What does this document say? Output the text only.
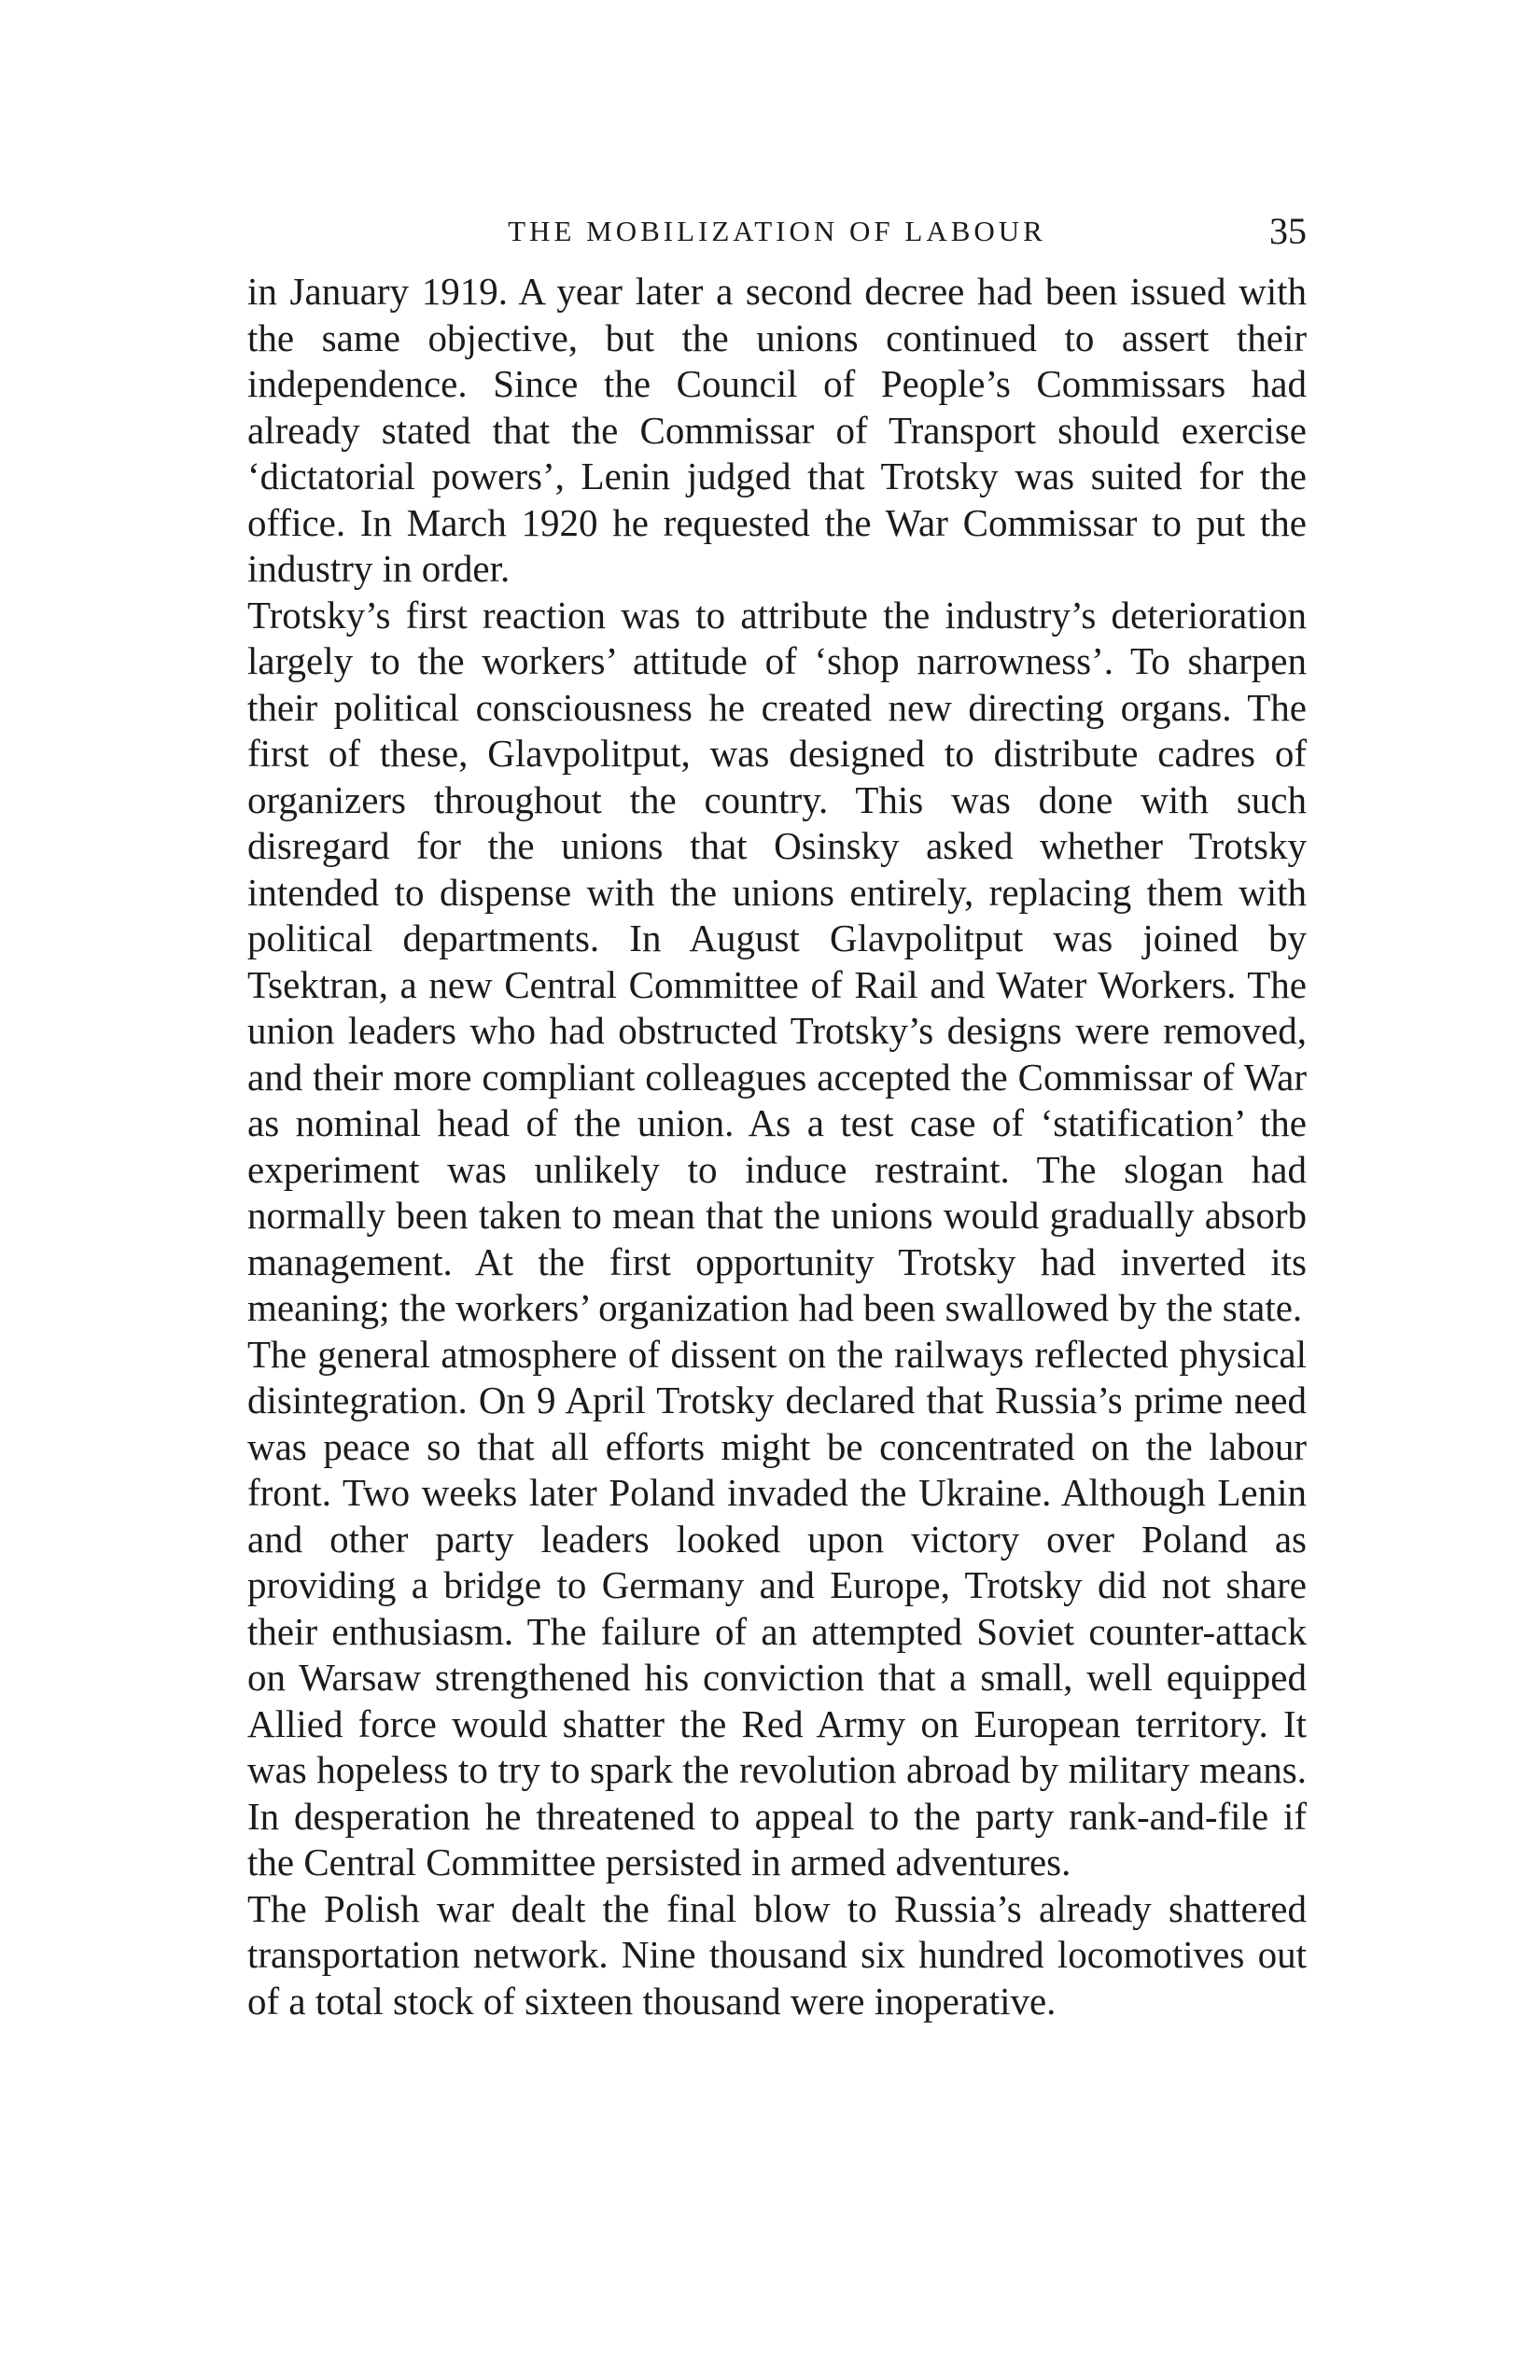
THE MOBILIZATION OF LABOUR	35

in January 1919. A year later a second decree had been issued with the same objective, but the unions continued to assert their independence. Since the Council of People’s Commissars had already stated that the Commissar of Transport should exercise ‘dictatorial powers’, Lenin judged that Trotsky was suited for the office. In March 1920 he requested the War Commissar to put the industry in order.

Trotsky’s first reaction was to attribute the industry’s deterioration largely to the workers’ attitude of ‘shop narrowness’. To sharpen their political consciousness he created new directing organs. The first of these, Glavpolitput, was designed to distribute cadres of organizers throughout the country. This was done with such disregard for the unions that Osinsky asked whether Trotsky intended to dispense with the unions entirely, replacing them with political departments. In August Glavpolitput was joined by Tsektran, a new Central Committee of Rail and Water Workers. The union leaders who had obstructed Trotsky’s designs were removed, and their more compliant colleagues accepted the Commissar of War as nominal head of the union. As a test case of ‘statification’ the experiment was unlikely to induce restraint. The slogan had normally been taken to mean that the unions would gradually absorb management. At the first opportunity Trotsky had inverted its meaning; the workers’ organization had been swallowed by the state.

The general atmosphere of dissent on the railways reflected physical disintegration. On 9 April Trotsky declared that Russia’s prime need was peace so that all efforts might be concentrated on the labour front. Two weeks later Poland invaded the Ukraine. Although Lenin and other party leaders looked upon victory over Poland as providing a bridge to Germany and Europe, Trotsky did not share their enthusiasm. The failure of an attempted Soviet counter-attack on Warsaw strengthened his conviction that a small, well equipped Allied force would shatter the Red Army on European territory. It was hopeless to try to spark the revolution abroad by military means. In desperation he threatened to appeal to the party rank-and-file if the Central Committee persisted in armed adventures.

The Polish war dealt the final blow to Russia’s already shattered transportation network. Nine thousand six hundred locomotives out of a total stock of sixteen thousand were inoperative.
